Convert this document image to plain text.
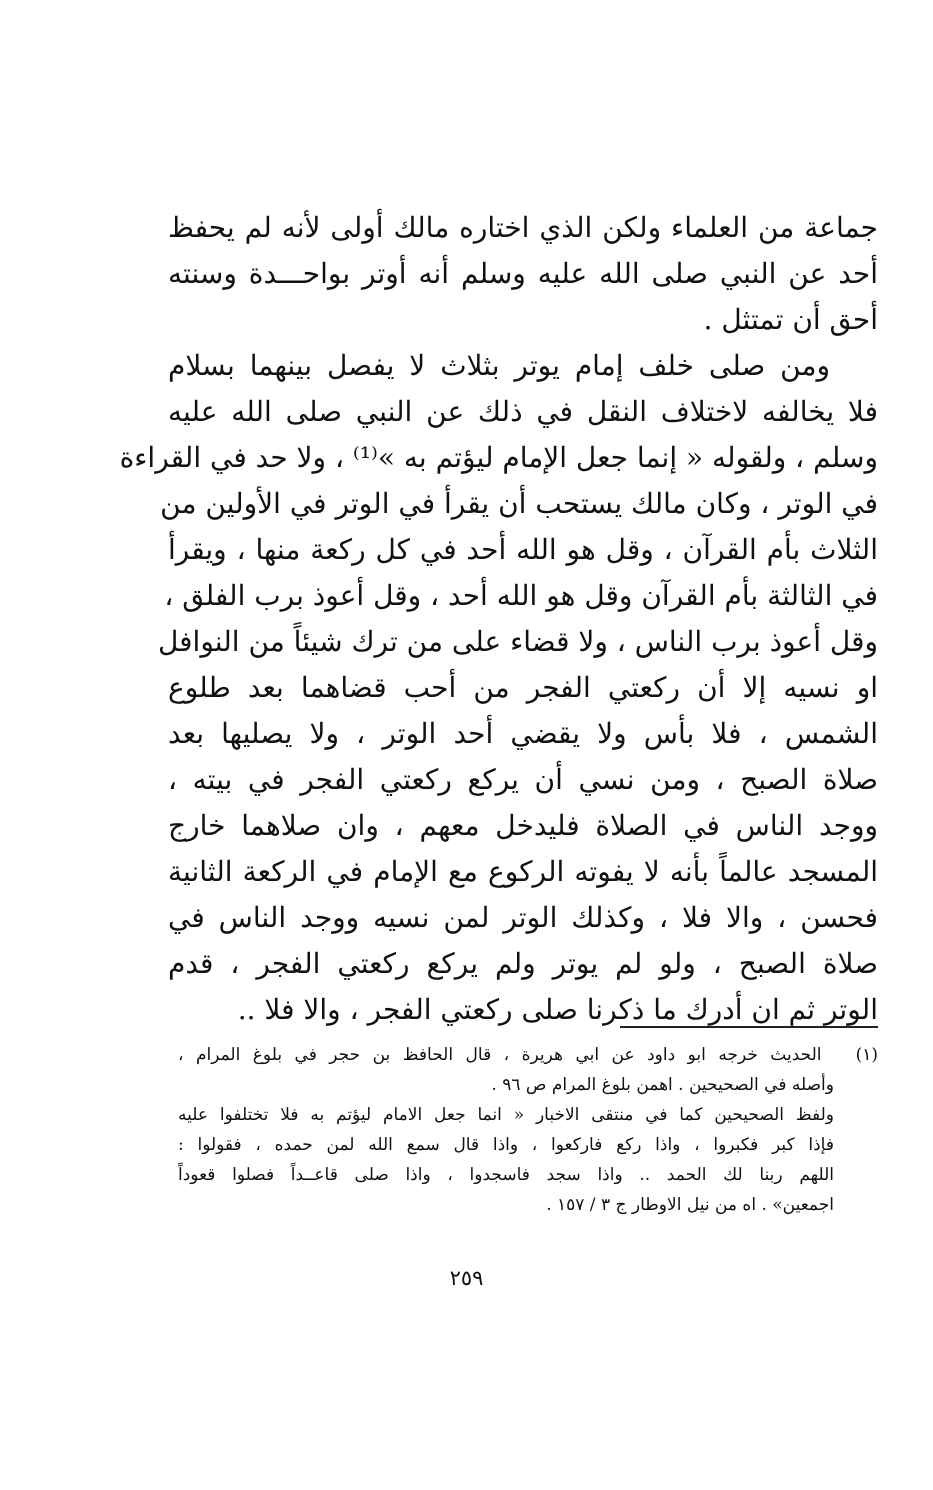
جماعة من العلماء ولكن الذي اختاره مالك أولى لأنه لم يحفظ
أحد عن النبي صلى الله عليه وسلم أنه أوتر بواحـــدة وسنته
أحق أن تمتثل .
ومن صلى خلف إمام يوتر بثلاث لا يفصل بينهما بسلام
فلا يخالفه لاختلاف النقل في ذلك عن النبي صلى الله عليه
وسلم ، ولقوله « إنما جعل الإمام ليؤتم به »⁽¹⁾ ، ولا حد في القراءة
في الوتر ، وكان مالك يستحب أن يقرأ في الوتر في الأولين من
الثلاث بأم القرآن ، وقل هو الله أحد في كل ركعة منها ، ويقرأ
في الثالثة بأم القرآن وقل هو الله أحد ، وقل أعوذ برب الفلق ،
وقل أعوذ برب الناس ، ولا قضاء على من ترك شيئاً من النوافل
او نسيه إلا أن ركعتي الفجر من أحب قضاهما بعد طلوع
الشمس ، فلا بأس ولا يقضي أحد الوتر ، ولا يصليها بعد
صلاة الصبح ، ومن نسي أن يركع ركعتي الفجر في بيته ،
ووجد الناس في الصلاة فليدخل معهم ، وان صلاهما خارج
المسجد عالماً بأنه لا يفوته الركوع مع الإمام في الركعة الثانية
فحسن ، والا فلا ، وكذلك الوتر لمن نسيه ووجد الناس في
صلاة الصبح ، ولو لم يوتر ولم يركع ركعتي الفجر ، قدم
الوتر ثم ان أدرك ما ذكرنا صلى ركعتي الفجر ، والا فلا ..
(١) الحديث خرجه ابو داود عن ابي هريرة ، قال الحافظ بن حجر في بلوغ المرام ،
وأصله في الصحيحين . اهمن بلوغ المرام ص ٩٦ .
ولفظ الصحيحين كما في منتقى الاخبار « انما جعل الامام ليؤتم به فلا تختلفوا عليه
فإذا كبر فكبروا ، واذا ركع فاركعوا ، واذا قال سمع الله لمن حمده ، فقولوا :
اللهم ربنا لك الحمد .. واذا سجد فاسجدوا ، واذا صلى قاعــداً فصلوا قعوداً
اجمعين» . اه من نيل الاوطار ج ٣ / ١٥٧ .
٢٥٩
